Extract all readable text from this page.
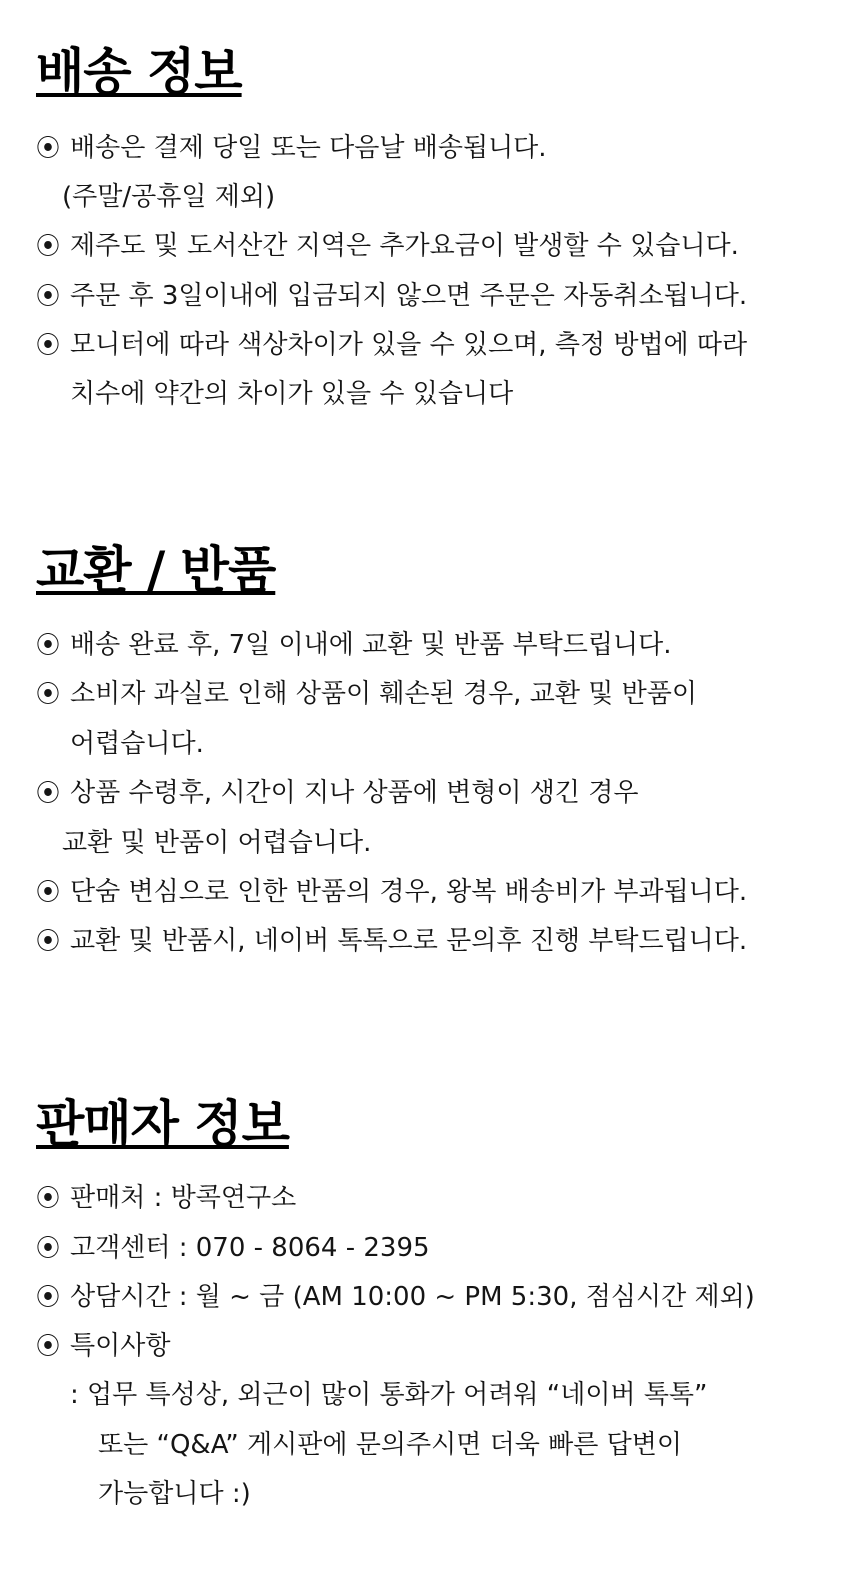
배송 정보
⦿ 배송은 결제 당일 또는 다음날 배송됩니다.
(주말/공휴일 제외)
⦿ 제주도 및 도서산간 지역은 추가요금이 발생할 수 있습니다.
⦿ 주문 후 3일이내에 입금되지 않으면 주문은 자동취소됩니다.
⦿ 모니터에 따라 색상차이가 있을 수 있으며, 측정 방법에 따라
치수에 약간의 차이가 있을 수 있습니다
교환 / 반품
⦿ 배송 완료 후, 7일 이내에 교환 및 반품 부탁드립니다.
⦿ 소비자 과실로 인해 상품이 훼손된 경우, 교환 및 반품이
어렵습니다.
⦿ 상품 수령후, 시간이 지나 상품에 변형이 생긴 경우
교환 및 반품이 어렵습니다.
⦿ 단숨 변심으로 인한 반품의 경우, 왕복 배송비가 부과됩니다.
⦿ 교환 및 반품시, 네이버 톡톡으로 문의후 진행 부탁드립니다.
판매자 정보
⦿ 판매처 : 방콕연구소
⦿ 고객센터 : 070 - 8064 - 2395
⦿ 상담시간 : 월 ~ 금 (AM 10:00 ~ PM 5:30, 점심시간 제외)
⦿ 특이사항
: 업무 특성상, 외근이 많이 통화가 어려워 “네이버 톡톡”
또는 “Q&A” 게시판에 문의주시면 더욱 빠른 답변이
가능합니다 :)
